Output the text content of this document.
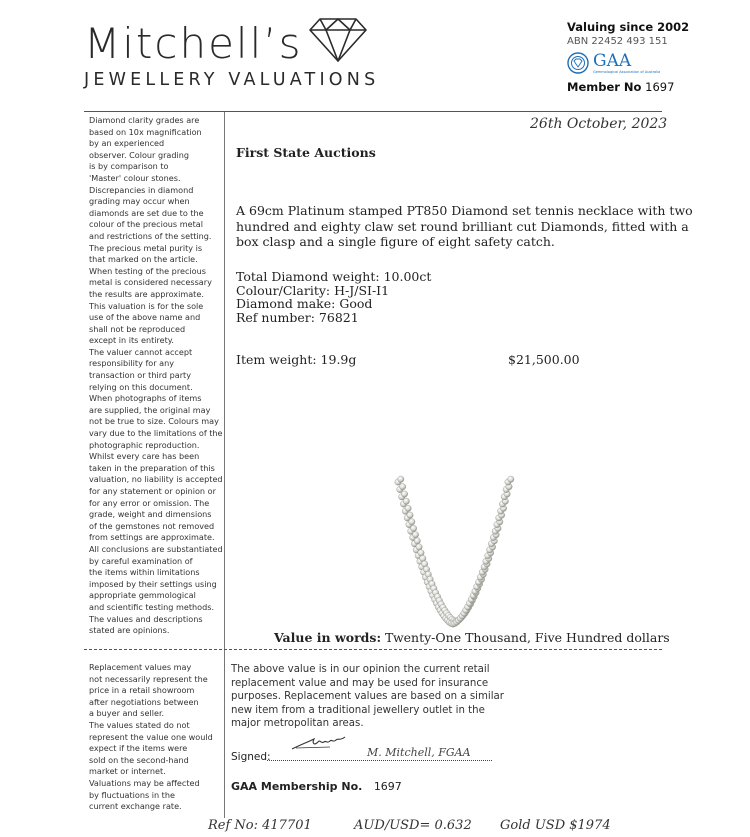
Mitchell’s
JEWELLERY VALUATIONS
Valuing since 2002
ABN 22452 493 151
GAA
Gemmological Association of Australia
Member No 1697
Diamond clarity grades are
based on 10x magnification
by an experienced
observer. Colour grading
is by comparison to
'Master' colour stones.
Discrepancies in diamond
grading may occur when
diamonds are set due to the
colour of the precious metal
and restrictions of the setting.
The precious metal purity is
that marked on the article.
When testing of the precious
metal is considered necessary
the results are approximate.
This valuation is for the sole
use of the above name and
shall not be reproduced
except in its entirety.
The valuer cannot accept
responsibility for any
transaction or third party
relying on this document.
When photographs of items
are supplied, the original may
not be true to size. Colours may
vary due to the limitations of the
photographic reproduction.
Whilst every care has been
taken in the preparation of this
valuation, no liability is accepted
for any statement or opinion or
for any error or omission. The
grade, weight and dimensions
of the gemstones not removed
from settings are approximate.
All conclusions are substantiated
by careful examination of
the items within limitations
imposed by their settings using
appropriate gemmological
and scientific testing methods.
The values and descriptions
stated are opinions.
26th October, 2023
First State Auctions
A 69cm Platinum stamped PT850 Diamond set tennis necklace with two
hundred and eighty claw set round brilliant cut Diamonds, fitted with a
box clasp and a single figure of eight safety catch.
Total Diamond weight: 10.00ct
Colour/Clarity: H-J/SI-I1
Diamond make: Good
Ref number: 76821
Item weight: 19.9g	$21,500.00
Value in words: Twenty-One Thousand, Five Hundred dollars
Replacement values may
not necessarily represent the
price in a retail showroom
after negotiations between
a buyer and seller.
The values stated do not
represent the value one would
expect if the items were
sold on the second-hand
market or internet.
Valuations may be affected
by fluctuations in the
current exchange rate.
The above value is in our opinion the current retail
replacement value and may be used for insurance
purposes. Replacement values are based on a similar
new item from a traditional jewellery outlet in the
major metropolitan areas.
Signed:	M. Mitchell, FGAA
GAA Membership No. 1697
Ref No: 417701	AUD/USD= 0.632 Gold USD $1974
